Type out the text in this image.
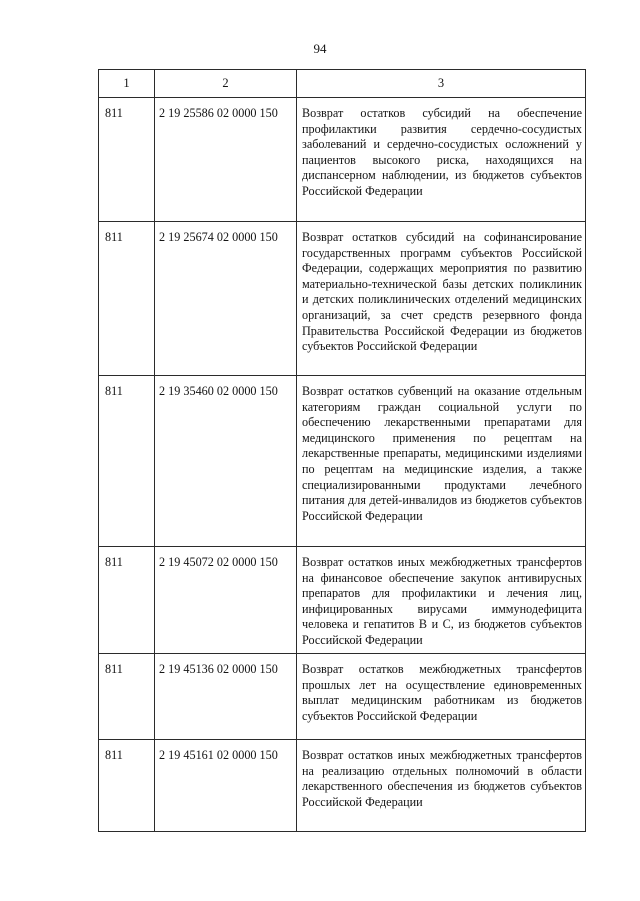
94
1	2	3
811	2 19 25586 02 0000 150	Возврат остатков субсидий на обеспечение профилактики развития сердечно-сосудистых заболеваний и сердечно-сосудистых осложнений у пациентов высокого риска, находящихся на диспансерном наблюдении, из бюджетов субъектов Российской Федерации
811	2 19 25674 02 0000 150	Возврат остатков субсидий на софинансирование государственных программ субъектов Российской Федерации, содержащих мероприятия по развитию материально-технической базы детских поликлиник и детских поликлинических отделений медицинских организаций, за счет средств резервного фонда Правительства Российской Федерации из бюджетов субъектов Российской Федерации
811	2 19 35460 02 0000 150	Возврат остатков субвенций на оказание отдельным категориям граждан социальной услуги по обеспечению лекарственными препаратами для медицинского применения по рецептам на лекарственные препараты, медицинскими изделиями по рецептам на медицинские изделия, а также специализированными продуктами лечебного питания для детей-инвалидов из бюджетов субъектов Российской Федерации
811	2 19 45072 02 0000 150	Возврат остатков иных межбюджетных трансфертов на финансовое обеспечение закупок антивирусных препаратов для профилактики и лечения лиц, инфицированных вирусами иммунодефицита человека и гепатитов B и C, из бюджетов субъектов Российской Федерации
811	2 19 45136 02 0000 150	Возврат остатков межбюджетных трансфертов прошлых лет на осуществление единовременных выплат медицинским работникам из бюджетов субъектов Российской Федерации
811	2 19 45161 02 0000 150	Возврат остатков иных межбюджетных трансфертов на реализацию отдельных полномочий в области лекарственного обеспечения из бюджетов субъектов Российской Федерации
